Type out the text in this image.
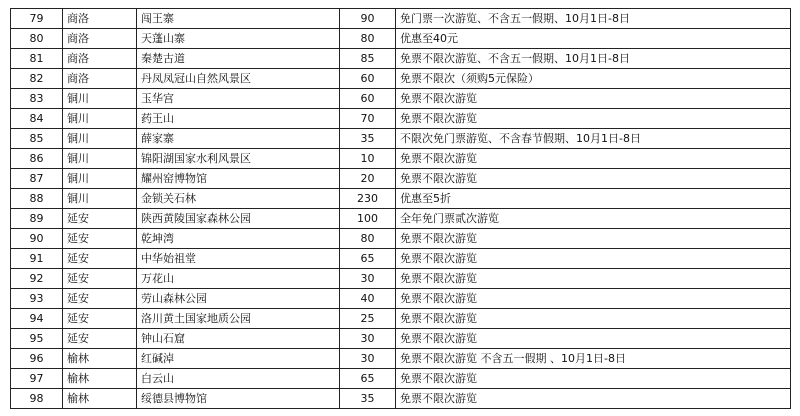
79	商洛	闯王寨	90	免门票一次游览、不含五一假期、10月1日-8日
80	商洛	天蓬山寨	80	优惠至40元
81	商洛	秦楚古道	85	免票不限次游览、不含五一假期、10月1日-8日
82	商洛	丹凤凤冠山自然风景区	60	免票不限次（须购5元保险）
83	铜川	玉华宫	60	免票不限次游览
84	铜川	药王山	70	免票不限次游览
85	铜川	薛家寨	35	不限次免门票游览、不含春节假期、10月1日-8日
86	铜川	锦阳湖国家水利风景区	10	免票不限次游览
87	铜川	耀州窑博物馆	20	免票不限次游览
88	铜川	金锁关石林	230	优惠至5折
89	延安	陕西黄陵国家森林公园	100	全年免门票贰次游览
90	延安	乾坤湾	80	免票不限次游览
91	延安	中华始祖堂	65	免票不限次游览
92	延安	万花山	30	免票不限次游览
93	延安	劳山森林公园	40	免票不限次游览
94	延安	洛川黄土国家地质公园	25	免票不限次游览
95	延安	钟山石窟	30	免票不限次游览
96	榆林	红碱淖	30	免票不限次游览 不含五一假期 、10月1日-8日
97	榆林	白云山	65	免票不限次游览
98	榆林	绥德县博物馆	35	免票不限次游览
